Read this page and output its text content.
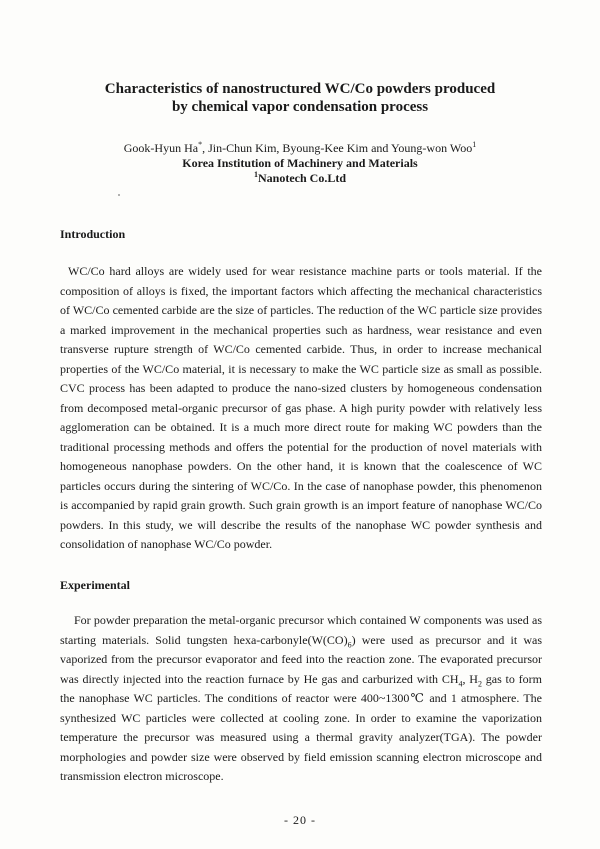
Characteristics of nanostructured WC/Co powders produced
by chemical vapor condensation process
Gook-Hyun Ha*, Jin-Chun Kim, Byoung-Kee Kim and Young-won Woo$^1$
Korea Institution of Machinery and Materials
$^1$Nanotech Co.Ltd
Introduction

WC/Co hard alloys are widely used for wear resistance machine parts or tools material. If the composition of alloys is fixed, the important factors which affecting the mechanical characteristics of WC/Co cemented carbide are the size of particles. The reduction of the WC particle size provides a marked improvement in the mechanical properties such as hardness, wear resistance and even transverse rupture strength of WC/Co cemented carbide. Thus, in order to increase mechanical properties of the WC/Co material, it is necessary to make the WC particle size as small as possible. CVC process has been adapted to produce the nano-sized clusters by homogeneous condensation from decomposed metal-organic precursor of gas phase. A high purity powder with relatively less agglomeration can be obtained. It is a much more direct route for making WC powders than the traditional processing methods and offers the potential for the production of novel materials with homogeneous nanophase powders. On the other hand, it is known that the coalescence of WC particles occurs during the sintering of WC/Co. In the case of nanophase powder, this phenomenon is accompanied by rapid grain growth. Such grain growth is an import feature of nanophase WC/Co powders. In this study, we will describe the results of the nanophase WC powder synthesis and consolidation of nanophase WC/Co powder.

Experimental

For powder preparation the metal-organic precursor which contained W components was used as starting materials. Solid tungsten hexa-$carbonyle(W(CO)_6)$ were used as precursor and it was vaporized from the precursor evaporator and feed into the reaction zone. The evaporated precursor was directly injected into the reaction furnace by He gas and carburized with $CH_4$, $H_2$ gas to form the nanophase WC particles. The conditions of reactor were 400~1300℃ and 1 atmosphere. The synthesized WC particles were collected at cooling zone. In order to examine the vaporization temperature the precursor was measured using a thermal gravity analyzer(TGA). The powder morphologies and powder size were observed by field emission scanning electron microscope and transmission electron microscope.

- 20 -
